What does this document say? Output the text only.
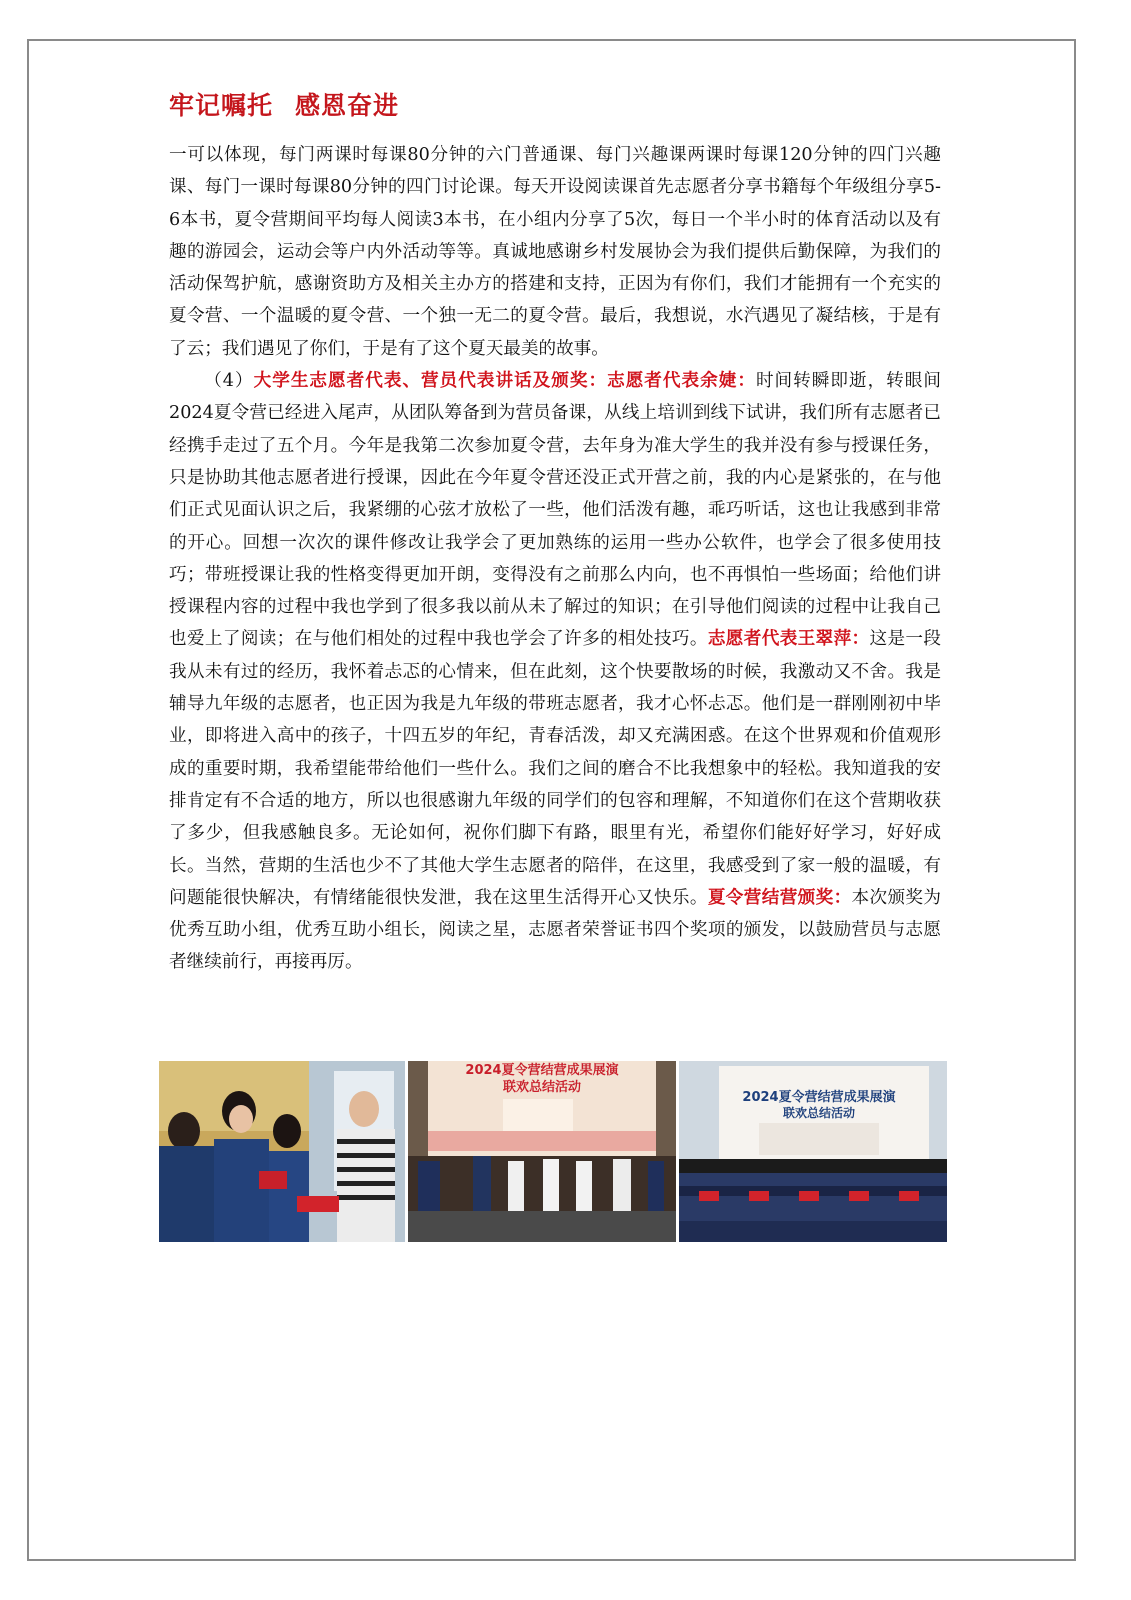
牢记嘱托 感恩奋进

一可以体现，每门两课时每课80分钟的六门普通课、每门兴趣课两课时每课120分钟的四门兴趣课、每门一课时每课80分钟的四门讨论课。每天开设阅读课首先志愿者分享书籍每个年级组分享5-6本书，夏令营期间平均每人阅读3本书，在小组内分享了5次，每日一个半小时的体育活动以及有趣的游园会，运动会等户内外活动等等。真诚地感谢乡村发展协会为我们提供后勤保障，为我们的活动保驾护航，感谢资助方及相关主办方的搭建和支持，正因为有你们，我们才能拥有一个充实的夏令营、一个温暖的夏令营、一个独一无二的夏令营。最后，我想说，水汽遇见了凝结核，于是有了云；我们遇见了你们，于是有了这个夏天最美的故事。

（4）大学生志愿者代表、营员代表讲话及颁奖：志愿者代表余婕：时间转瞬即逝，转眼间2024夏令营已经进入尾声，从团队筹备到为营员备课，从线上培训到线下试讲，我们所有志愿者已经携手走过了五个月。今年是我第二次参加夏令营，去年身为准大学生的我并没有参与授课任务，只是协助其他志愿者进行授课，因此在今年夏令营还没正式开营之前，我的内心是紧张的，在与他们正式见面认识之后，我紧绷的心弦才放松了一些，他们活泼有趣，乖巧听话，这也让我感到非常的开心。回想一次次的课件修改让我学会了更加熟练的运用一些办公软件，也学会了很多使用技巧；带班授课让我的性格变得更加开朗，变得没有之前那么内向，也不再惧怕一些场面；给他们讲授课程内容的过程中我也学到了很多我以前从未了解过的知识；在引导他们阅读的过程中让我自己也爱上了阅读；在与他们相处的过程中我也学会了许多的相处技巧。志愿者代表王翠萍：这是一段我从未有过的经历，我怀着忐忑的心情来，但在此刻，这个快要散场的时候，我激动又不舍。我是辅导九年级的志愿者，也正因为我是九年级的带班志愿者，我才心怀忐忑。他们是一群刚刚初中毕业，即将进入高中的孩子，十四五岁的年纪，青春活泼，却又充满困惑。在这个世界观和价值观形成的重要时期，我希望能带给他们一些什么。我们之间的磨合不比我想象中的轻松。我知道我的安排肯定有不合适的地方，所以也很感谢九年级的同学们的包容和理解，不知道你们在这个营期收获了多少，但我感触良多。无论如何，祝你们脚下有路，眼里有光，希望你们能好好学习，好好成长。当然，营期的生活也少不了其他大学生志愿者的陪伴，在这里，我感受到了家一般的温暖，有问题能很快解决，有情绪能很快发泄，我在这里生活得开心又快乐。夏令营结营颁奖：本次颁奖为优秀互助小组，优秀互助小组长，阅读之星，志愿者荣誉证书四个奖项的颁发，以鼓励营员与志愿者继续前行，再接再厉。

2024夏令营结营成果展演
联欢总结活动
2024夏令营结营成果展演
联欢总结活动
